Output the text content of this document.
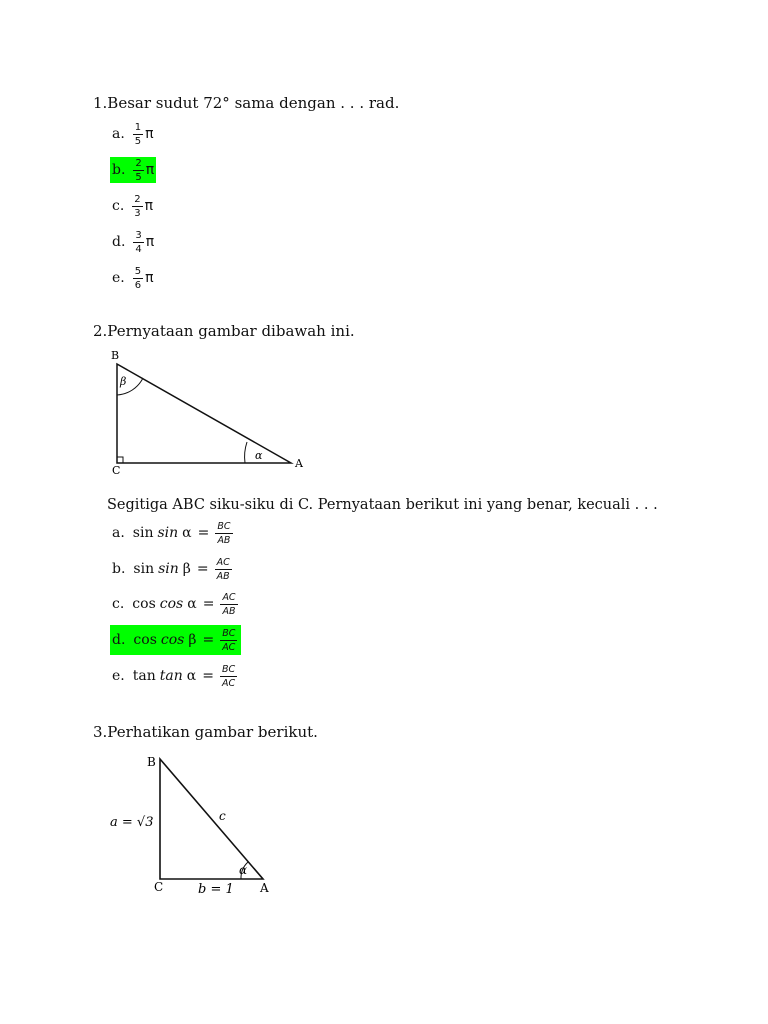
1.Besar sudut 72° sama dengan . . . rad.
a. $\frac{1}{5}$ π
b. $\frac{2}{5}$ π
c. $\frac{2}{3}$ π
d. $\frac{3}{4}$ π
e. $\frac{5}{6}$ π
2.Pernyataan gambar dibawah ini.
B
C
A
β
α
Segitiga ABC siku-siku di C. Pernyataan berikut ini yang benar, kecuali . . .
a. $\sin \sin \alpha = \frac{BC}{AB}$
b. $\sin \sin \beta = \frac{AC}{AB}$
c. $\cos \cos \alpha = \frac{AC}{AB}$
d. $\cos \cos \beta = \frac{BC}{AC}$
e. $\tan \tan \alpha = \frac{BC}{AC}$
3.Perhatikan gambar berikut.
B
C	A
α
a = √3	c
b = 1
